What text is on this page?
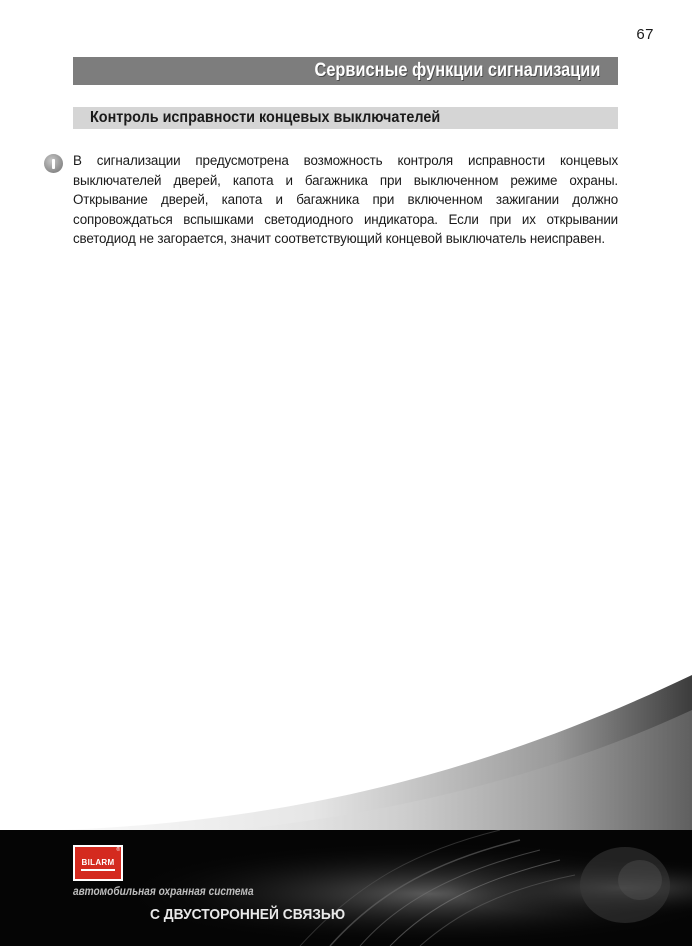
67
Сервисные функции сигнализации
Контроль исправности концевых выключателей

В сигнализации предусмотрена возможность контроля исправности концевых выключателей дверей, капота и багажника при выключенном режиме охраны. Открывание дверей, капота и багажника при включенном зажигании должно сопровождаться вспышками светодиодного индикатора. Если при их открывании светодиод не загорается, значит соответствующий концевой выключатель неисправен.

®
BILARM
автомобильная охранная система
С ДВУСТОРОННЕЙ СВЯЗЬЮ
